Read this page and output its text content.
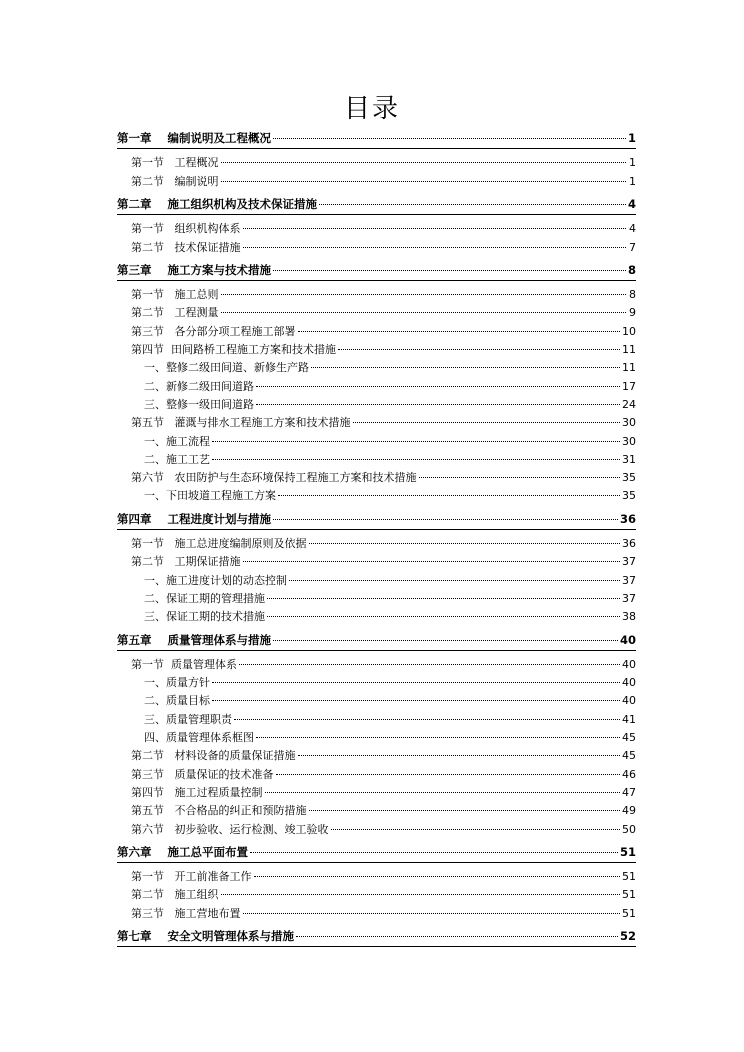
目录
第一章    编制说明及工程概况	1
第一节   工程概况	1
第二节   编制说明	1
第二章    施工组织机构及技术保证措施	4
第一节   组织机构体系	4
第二节   技术保证措施	7
第三章    施工方案与技术措施	8
第一节   施工总则	8
第二节   工程测量	9
第三节   各分部分项工程施工部署	10
第四节  田间路桥工程施工方案和技术措施	11
一、整修二级田间道、新修生产路	11
二、新修二级田间道路	17
三、整修一级田间道路	24
第五节   灌溉与排水工程施工方案和技术措施	30
一、施工流程	30
二、施工工艺	31
第六节   农田防护与生态环境保持工程施工方案和技术措施	35
一、下田坡道工程施工方案	35
第四章    工程进度计划与措施	36
第一节   施工总进度编制原则及依据	36
第二节   工期保证措施	37
一、施工进度计划的动态控制	37
二、保证工期的管理措施	37
三、保证工期的技术措施	38
第五章    质量管理体系与措施	40
第一节  质量管理体系	40
一、质量方针	40
二、质量目标	40
三、质量管理职责	41
四、质量管理体系框图	45
第二节   材料设备的质量保证措施	45
第三节   质量保证的技术准备	46
第四节   施工过程质量控制	47
第五节   不合格品的纠正和预防措施	49
第六节   初步验收、运行检测、竣工验收	50
第六章    施工总平面布置	51
第一节   开工前准备工作	51
第二节   施工组织	51
第三节   施工营地布置	51
第七章    安全文明管理体系与措施	52
